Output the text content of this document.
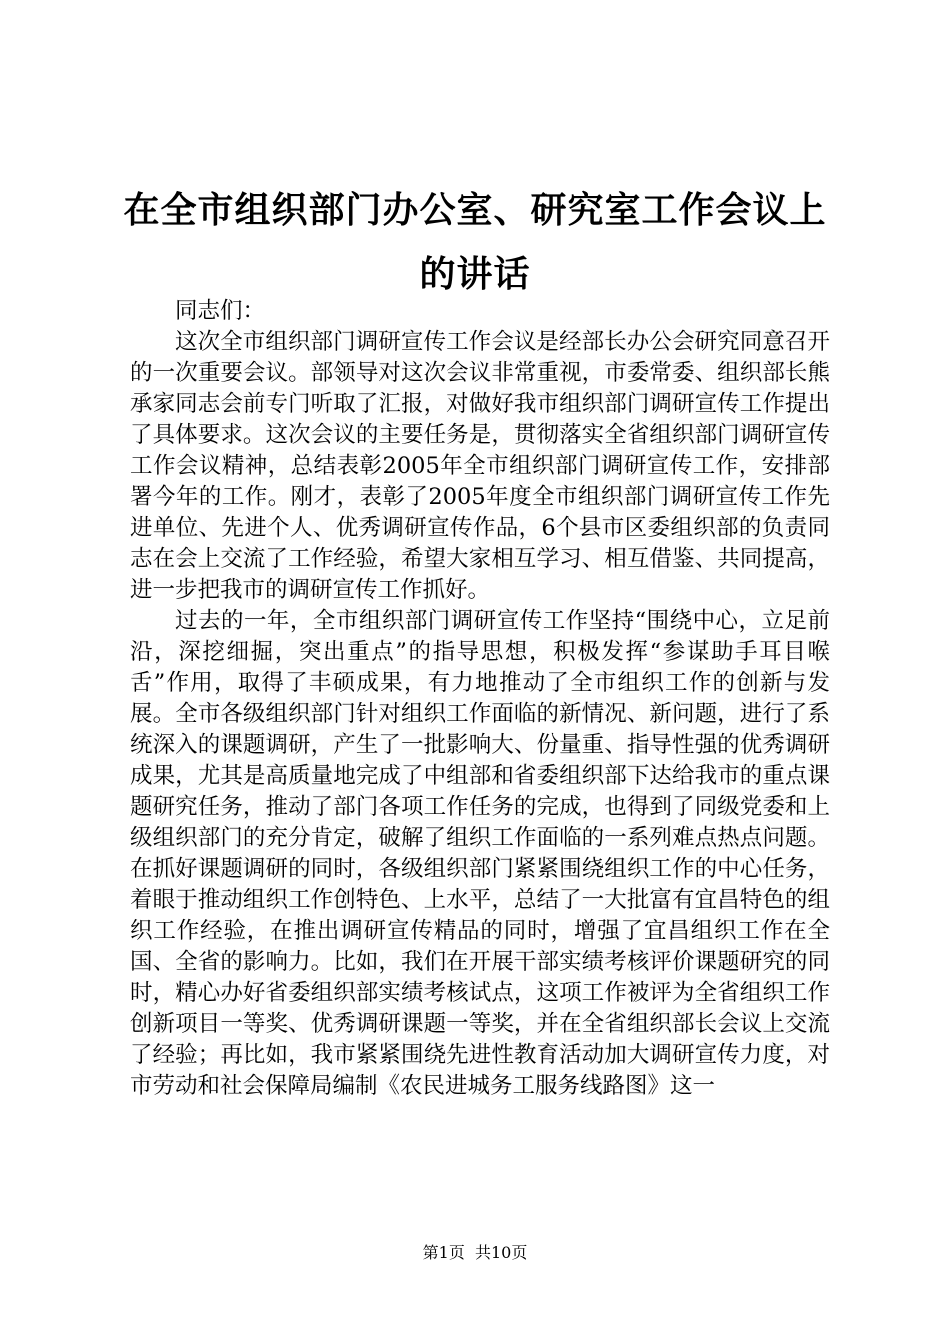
在全市组织部门办公室、研究室工作会议上的讲话

同志们：

这次全市组织部门调研宣传工作会议是经部长办公会研究同意召开的一次重要会议。部领导对这次会议非常重视，市委常委、组织部长熊承家同志会前专门听取了汇报，对做好我市组织部门调研宣传工作提出了具体要求。这次会议的主要任务是，贯彻落实全省组织部门调研宣传工作会议精神，总结表彰2005年全市组织部门调研宣传工作，安排部署今年的工作。刚才，表彰了2005年度全市组织部门调研宣传工作先进单位、先进个人、优秀调研宣传作品，6个县市区委组织部的负责同志在会上交流了工作经验，希望大家相互学习、相互借鉴、共同提高，进一步把我市的调研宣传工作抓好。

过去的一年，全市组织部门调研宣传工作坚持“围绕中心，立足前沿，深挖细掘，突出重点”的指导思想，积极发挥“参谋助手耳目喉舌”作用，取得了丰硕成果，有力地推动了全市组织工作的创新与发展。全市各级组织部门针对组织工作面临的新情况、新问题，进行了系统深入的课题调研，产生了一批影响大、份量重、指导性强的优秀调研成果，尤其是高质量地完成了中组部和省委组织部下达给我市的重点课题研究任务，推动了部门各项工作任务的完成，也得到了同级党委和上级组织部门的充分肯定，破解了组织工作面临的一系列难点热点问题。在抓好课题调研的同时，各级组织部门紧紧围绕组织工作的中心任务，着眼于推动组织工作创特色、上水平，总结了一大批富有宜昌特色的组织工作经验，在推出调研宣传精品的同时，增强了宜昌组织工作在全国、全省的影响力。比如，我们在开展干部实绩考核评价课题研究的同时，精心办好省委组织部实绩考核试点，这项工作被评为全省组织工作创新项目一等奖、优秀调研课题一等奖，并在全省组织部长会议上交流了经验；再比如，我市紧紧围绕先进性教育活动加大调研宣传力度，对市劳动和社会保障局编制《农民进城务工服务线路图》这一

第1页  共10页
